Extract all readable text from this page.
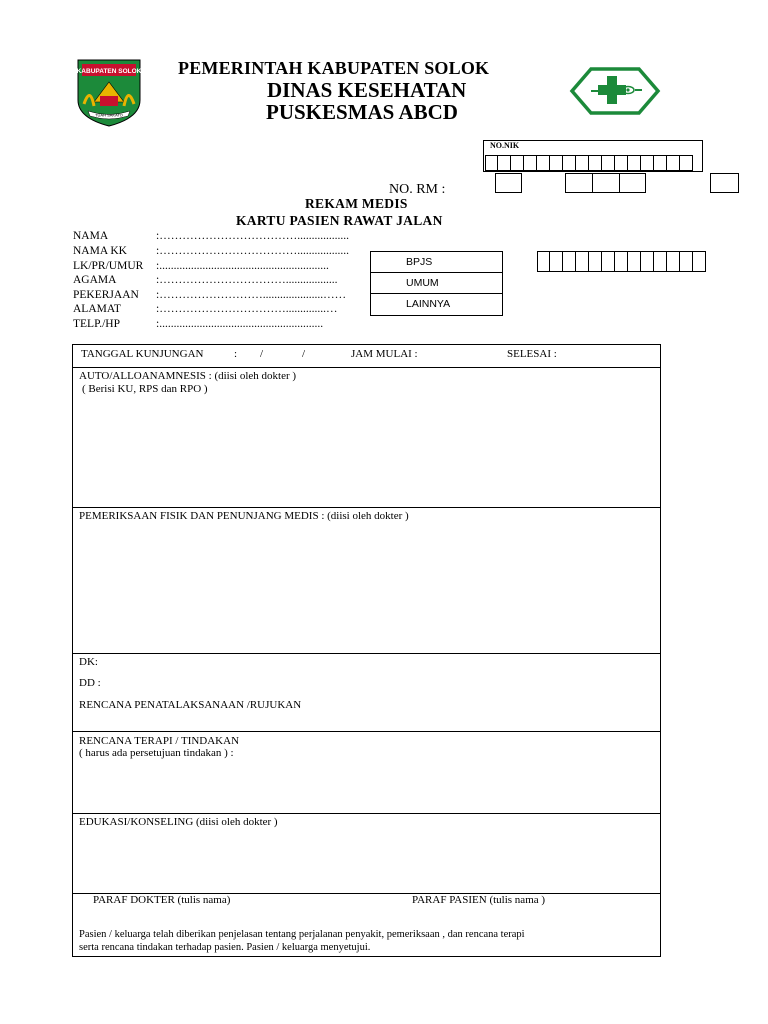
KABUPATEN SOLOK
TUAH SAKATO
PEMERINTAH KABUPATEN SOLOK
DINAS KESEHATAN
PUSKESMAS ABCD
NO.NIK
NO. RM :
REKAM MEDIS
KARTU PASIEN RAWAT JALAN
NAMA	:………………………………..................
NAMA KK	:………………………………..................
LK/PR/UMUR :...........................................................
AGAMA	:……………………………..................
PEKERJAAN :……………………….....................……
ALAMAT	:……………………………..............…
TELP./HP	:.........................................................
BPJS
UMUM
LAINNYA
TANGGAL KUNJUNGAN	: /	/	JAM MULAI :	SELESAI :
AUTO/ALLOANAMNESIS : (diisi oleh dokter )
( Berisi KU, RPS dan RPO )
PEMERIKSAAN FISIK DAN PENUNJANG MEDIS : (diisi oleh dokter )
DK:
DD :
RENCANA PENATALAKSANAAN /RUJUKAN
RENCANA TERAPI / TINDAKAN
( harus ada persetujuan tindakan ) :
EDUKASI/KONSELING (diisi oleh dokter )
PARAF DOKTER (tulis nama)	PARAF PASIEN (tulis nama )
Pasien / keluarga telah diberikan penjelasan tentang perjalanan penyakit, pemeriksaan , dan rencana terapi
serta rencana tindakan terhadap pasien. Pasien / keluarga menyetujui.
